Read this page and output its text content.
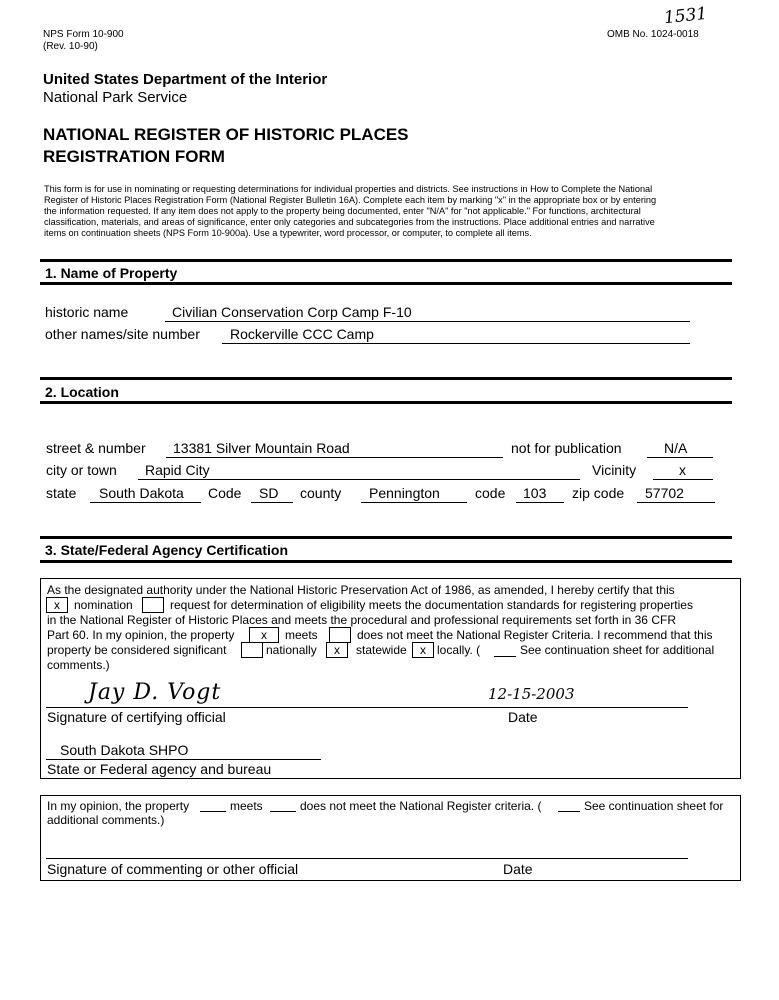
NPS Form 10-900
(Rev. 10-90)
OMB No. 1024-0018
1531
United States Department of the Interior
National Park Service
NATIONAL REGISTER OF HISTORIC PLACES
REGISTRATION FORM
This form is for use in nominating or requesting determinations for individual properties and districts. See instructions in How to Complete the National
Register of Historic Places Registration Form (National Register Bulletin 16A). Complete each item by marking "x" in the appropriate box or by entering
the information requested. If any item does not apply to the property being documented, enter "N/A" for "not applicable." For functions, architectural
classification, materials, and areas of significance, enter only categories and subcategories from the instructions. Place additional entries and narrative
items on continuation sheets (NPS Form 10-900a). Use a typewriter, word processor, or computer, to complete all items.
1. Name of Property
historic name	Civilian Conservation Corp Camp F-10
other names/site number Rockerville CCC Camp
2. Location
street & number 13381 Silver Mountain Road	not for publication	N/A
city or town Rapid City	Vicinity	x
state South Dakota Code SD county Pennington	code 103 zip code 57702
3. State/Federal Agency Certification
As the designated authority under the National Historic Preservation Act of 1986, as amended, I hereby certify that this
x	nomination	request for determination of eligibility meets the documentation standards for registering properties
in the National Register of Historic Places and meets the procedural and professional requirements set forth in 36 CFR
Part 60. In my opinion, the property	x	meets	does not meet the National Register Criteria. I recommend that this
property be considered significant	nationally	x	statewide	x locally. (	See continuation sheet for additional
comments.)
Jay D. Vogt	12-15-2003
Signature of certifying official	Date
South Dakota SHPO
State or Federal agency and bureau
In my opinion, the property	meets	does not meet the National Register criteria. (	See continuation sheet for
additional comments.)
Signature of commenting or other official	Date
